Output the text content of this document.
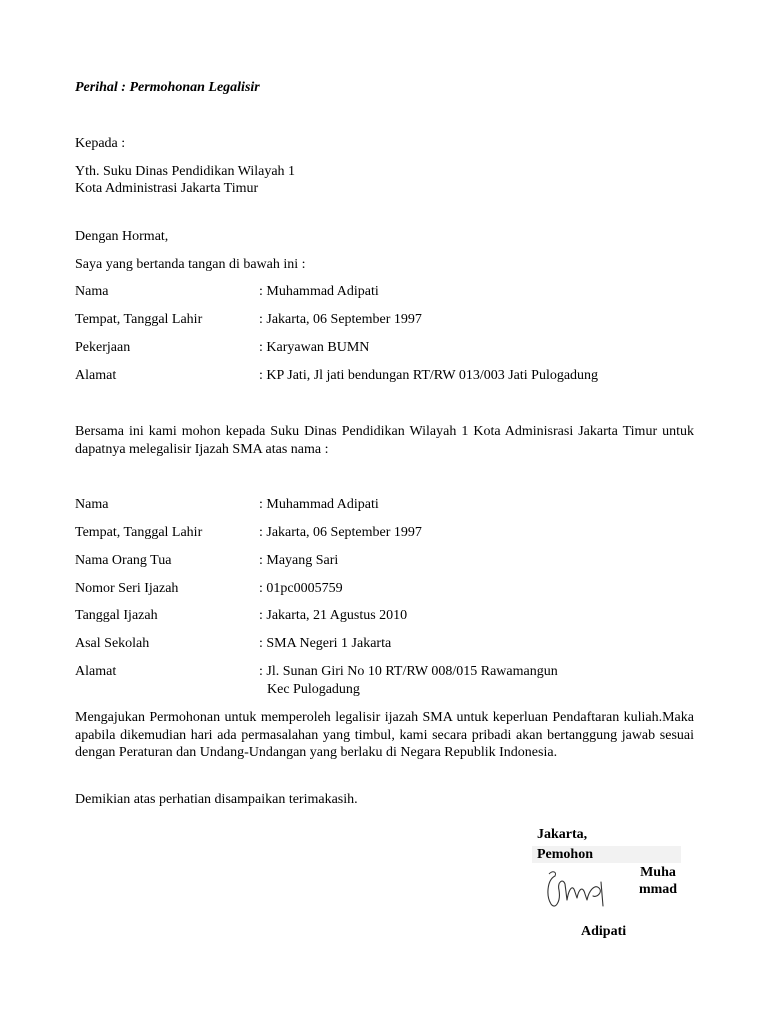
Perihal : Permohonan Legalisir
Kepada :
Yth. Suku Dinas Pendidikan Wilayah 1
Kota Administrasi Jakarta Timur
Dengan Hormat,
Saya yang bertanda tangan di bawah ini :
Nama	: Muhammad Adipati
Tempat, Tanggal Lahir	: Jakarta, 06 September 1997
Pekerjaan	: Karyawan BUMN
Alamat	: KP Jati, Jl jati bendungan RT/RW 013/003 Jati Pulogadung
Bersama ini kami mohon kepada Suku Dinas Pendidikan Wilayah 1 Kota Adminisrasi Jakarta Timur untuk dapatnya melegalisir Ijazah SMA atas nama :
Nama	: Muhammad Adipati
Tempat, Tanggal Lahir	: Jakarta, 06 September 1997
Nama Orang Tua	: Mayang Sari
Nomor Seri Ijazah	: 01pc0005759
Tanggal Ijazah	: Jakarta, 21 Agustus 2010
Asal Sekolah	: SMA Negeri 1 Jakarta
Alamat	: Jl. Sunan Giri No 10 RT/RW 008/015 Rawamangun
Kec Pulogadung
Mengajukan Permohonan untuk memperoleh legalisir ijazah SMA untuk keperluan Pendaftaran kuliah.Maka apabila dikemudian hari ada permasalahan yang timbul, kami secara pribadi akan bertanggung jawab sesuai dengan Peraturan dan Undang-Undangan yang berlaku di Negara Republik Indonesia.
Demikian atas perhatian disampaikan terimakasih.
Jakarta,
Pemohon
Muhammad
Adipati
